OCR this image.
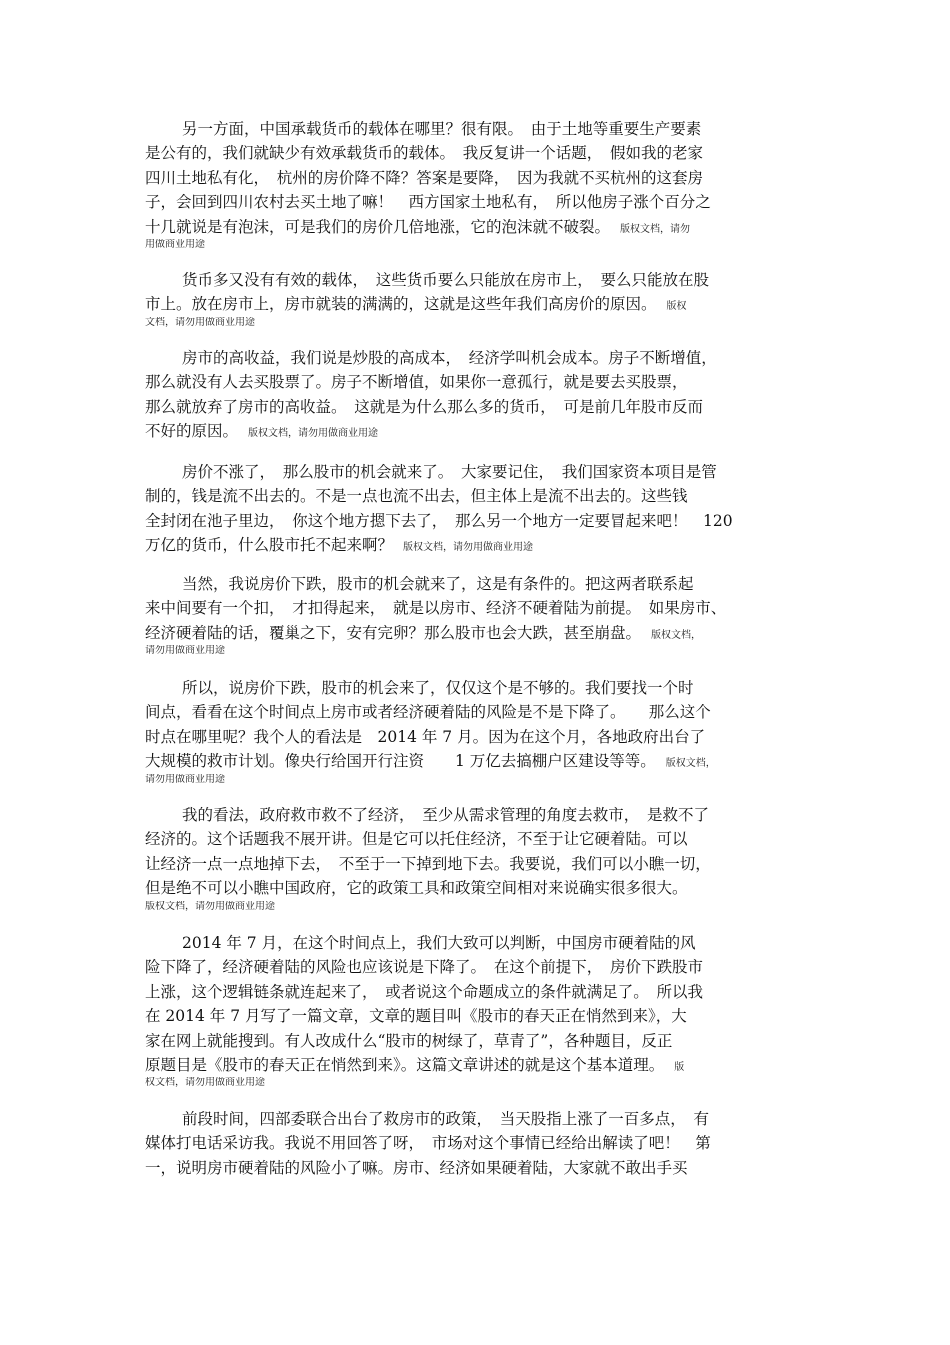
另一方面，中国承载货币的载体在哪里？很有限。　由于土地等重要生产要素
是公有的，我们就缺少有效承载货币的载体。　我反复讲一个话题，　假如我的老家
四川土地私有化，　杭州的房价降不降？答案是要降，　因为我就不买杭州的这套房
子，会回到四川农村去买土地了嘛！　西方国家土地私有，　所以他房子涨个百分之
十几就说是有泡沫，可是我们的房价几倍地涨，它的泡沫就不破裂。 版权文档，请勿
用做商业用途
货币多又没有有效的载体，　这些货币要么只能放在房市上，　要么只能放在股
市上。放在房市上，房市就装的满满的，这就是这些年我们高房价的原因。 版权
文档，请勿用做商业用途
房市的高收益，我们说是炒股的高成本，　经济学叫机会成本。房子不断增值，
那么就没有人去买股票了。房子不断增值，如果你一意孤行，就是要去买股票，
那么就放弃了房市的高收益。　这就是为什么那么多的货币，　可是前几年股市反而
不好的原因。 版权文档，请勿用做商业用途
房价不涨了，　那么股市的机会就来了。　大家要记住，　我们国家资本项目是管
制的，钱是流不出去的。不是一点也流不出去，但主体上是流不出去的。这些钱
全封闭在池子里边，　你这个地方摁下去了，　那么另一个地方一定要冒起来吧！　120
万亿的货币，什么股市托不起来啊？ 版权文档，请勿用做商业用途
当然，我说房价下跌，股市的机会就来了，这是有条件的。把这两者联系起
来中间要有一个扣，　才扣得起来，　就是以房市、经济不硬着陆为前提。　如果房市、
经济硬着陆的话，覆巢之下，安有完卵？那么股市也会大跌，甚至崩盘。 版权文档，
请勿用做商业用途
所以，说房价下跌，股市的机会来了，仅仅这个是不够的。我们要找一个时
间点，看看在这个时间点上房市或者经济硬着陆的风险是不是下降了。　　那么这个
时点在哪里呢？我个人的看法是　2014 年 7 月。因为在这个月，各地政府出台了
大规模的救市计划。像央行给国开行注资　　1 万亿去搞棚户区建设等等。 版权文档，
请勿用做商业用途
我的看法，政府救市救不了经济，　至少从需求管理的角度去救市，　是救不了
经济的。这个话题我不展开讲。但是它可以托住经济，不至于让它硬着陆。可以
让经济一点一点地掉下去，　不至于一下掉到地下去。我要说，我们可以小瞧一切，
但是绝不可以小瞧中国政府，它的政策工具和政策空间相对来说确实很多很大。
版权文档，请勿用做商业用途
2014 年 7 月，在这个时间点上，我们大致可以判断，中国房市硬着陆的风
险下降了，经济硬着陆的风险也应该说是下降了。　在这个前提下，　房价下跌股市
上涨，这个逻辑链条就连起来了，　或者说这个命题成立的条件就满足了。　所以我
在 2014 年 7 月写了一篇文章，文章的题目叫《股市的春天正在悄然到来》，大
家在网上就能搜到。有人改成什么“股市的树绿了，草青了”，各种题目，反正
原题目是《股市的春天正在悄然到来》。这篇文章讲述的就是这个基本道理。 版
权文档，请勿用做商业用途
前段时间，四部委联合出台了救房市的政策，　当天股指上涨了一百多点，　有
媒体打电话采访我。我说不用回答了呀，　市场对这个事情已经给出解读了吧！　第
一，说明房市硬着陆的风险小了嘛。房市、经济如果硬着陆，大家就不敢出手买
